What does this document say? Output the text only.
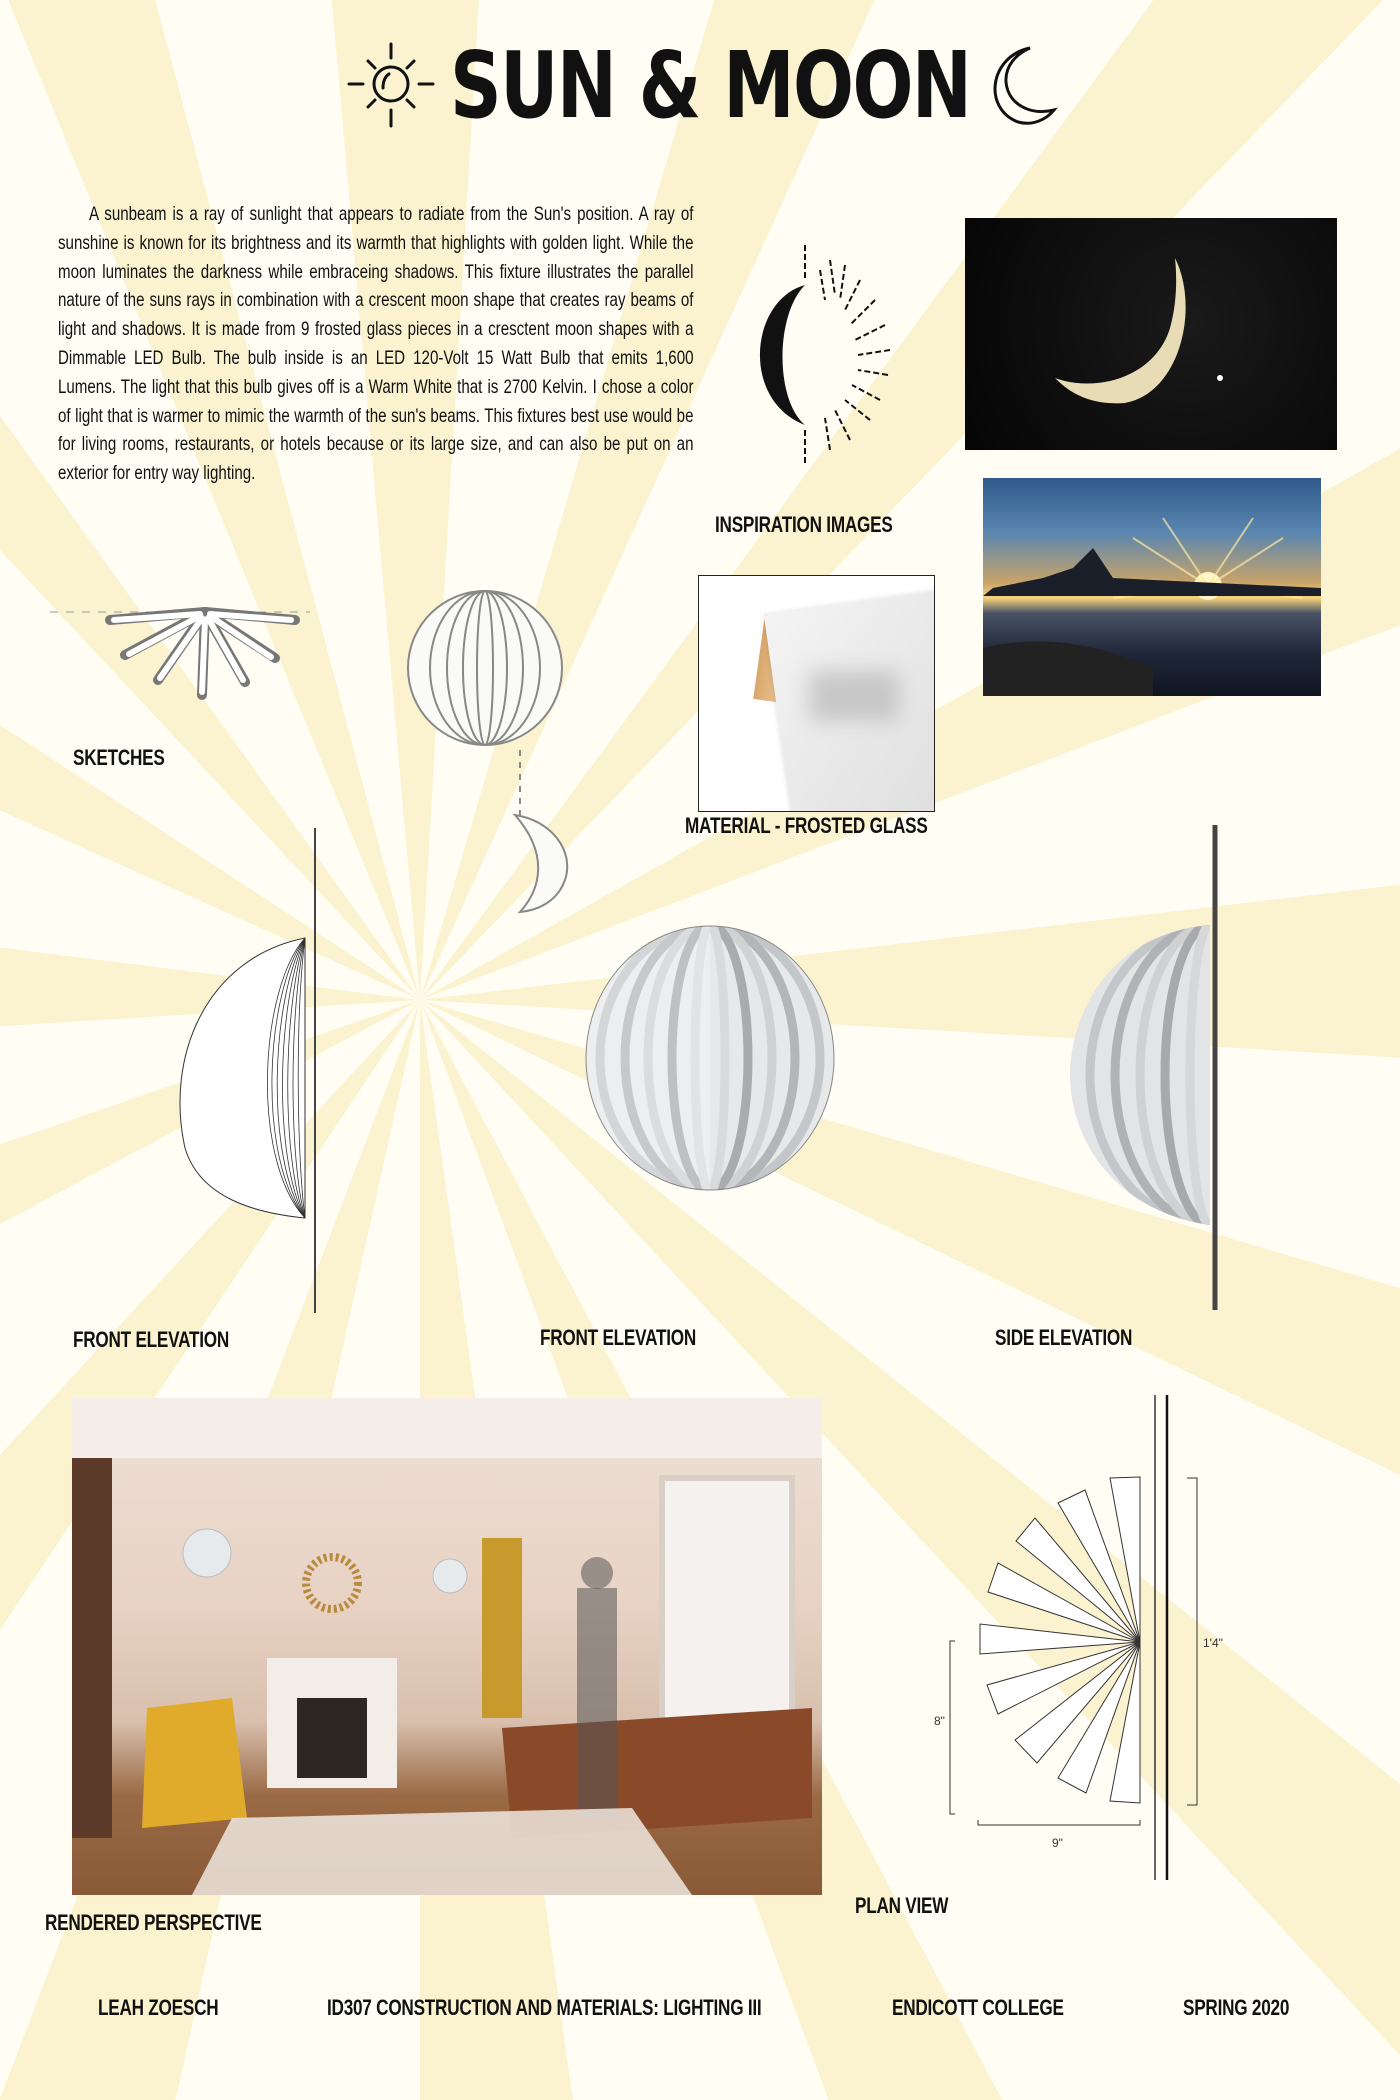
SUN & MOON

A sunbeam is a ray of sunlight that appears to radiate from the Sun's position. A ray of sunshine is known for its brightness and its warmth that highlights with golden light. While the moon luminates the darkness while embraceing shadows. This fixture illustrates the parallel nature of the suns rays in combination with a crescent moon shape that creates ray beams of light and shadows. It is made from 9 frosted glass pieces in a cresctent moon shapes with a Dimmable LED Bulb. The bulb inside is an LED 120-Volt 15 Watt Bulb that emits 1,600 Lumens. The light that this bulb gives off is a Warm White that is 2700 Kelvin. I chose a color of light that is warmer to mimic the warmth of the sun's beams. This fixtures best use would be for living rooms, restaurants, or hotels because or its large size, and can also be put on an exterior for entry way lighting.

INSPIRATION IMAGES
SKETCHES
MATERIAL - FROSTED GLASS
FRONT ELEVATION	FRONT ELEVATION	SIDE ELEVATION
RENDERED PERSPECTIVE
1'4"
8"
9"
PLAN VIEW
LEAH ZOESCH	ID307 CONSTRUCTION AND MATERIALS: LIGHTING III	ENDICOTT COLLEGE	SPRING 2020
